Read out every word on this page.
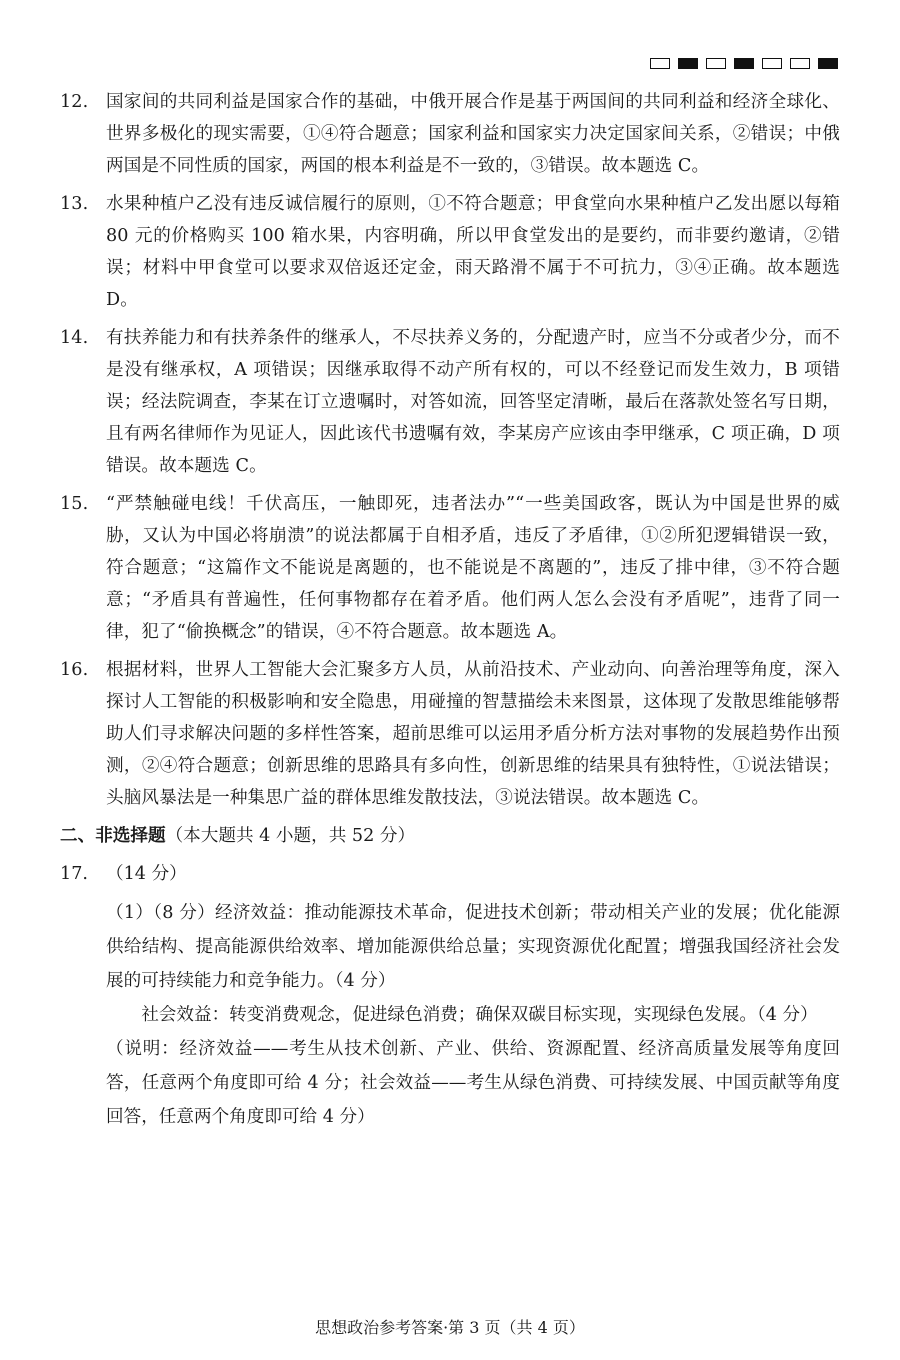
12. 国家间的共同利益是国家合作的基础，中俄开展合作是基于两国间的共同利益和经济全球化、世界多极化的现实需要，①④符合题意；国家利益和国家实力决定国家间关系，②错误；中俄两国是不同性质的国家，两国的根本利益是不一致的，③错误。故本题选 C。
13. 水果种植户乙没有违反诚信履行的原则，①不符合题意；甲食堂向水果种植户乙发出愿以每箱 80 元的价格购买 100 箱水果，内容明确，所以甲食堂发出的是要约，而非要约邀请，②错误；材料中甲食堂可以要求双倍返还定金，雨天路滑不属于不可抗力，③④正确。故本题选 D。
14. 有扶养能力和有扶养条件的继承人，不尽扶养义务的，分配遗产时，应当不分或者少分，而不是没有继承权，A 项错误；因继承取得不动产所有权的，可以不经登记而发生效力，B 项错误；经法院调查，李某在订立遗嘱时，对答如流，回答坚定清晰，最后在落款处签名写日期，且有两名律师作为见证人，因此该代书遗嘱有效，李某房产应该由李甲继承，C 项正确，D 项错误。故本题选 C。
15. “严禁触碰电线！千伏高压，一触即死，违者法办”“一些美国政客，既认为中国是世界的威胁，又认为中国必将崩溃”的说法都属于自相矛盾，违反了矛盾律，①②所犯逻辑错误一致，符合题意；“这篇作文不能说是离题的，也不能说是不离题的”，违反了排中律，③不符合题意；“矛盾具有普遍性，任何事物都存在着矛盾。他们两人怎么会没有矛盾呢”，违背了同一律，犯了“偷换概念”的错误，④不符合题意。故本题选 A。
16. 根据材料，世界人工智能大会汇聚多方人员，从前沿技术、产业动向、向善治理等角度，深入探讨人工智能的积极影响和安全隐患，用碰撞的智慧描绘未来图景，这体现了发散思维能够帮助人们寻求解决问题的多样性答案，超前思维可以运用矛盾分析方法对事物的发展趋势作出预测，②④符合题意；创新思维的思路具有多向性，创新思维的结果具有独特性，①说法错误；头脑风暴法是一种集思广益的群体思维发散技法，③说法错误。故本题选 C。
二、非选择题（本大题共 4 小题，共 52 分）
17. （14 分）
（1）（8 分）经济效益：推动能源技术革命，促进技术创新；带动相关产业的发展；优化能源供给结构、提高能源供给效率、增加能源供给总量；实现资源优化配置；增强我国经济社会发展的可持续能力和竞争能力。（4 分）
社会效益：转变消费观念，促进绿色消费；确保双碳目标实现，实现绿色发展。（4 分）
（说明：经济效益——考生从技术创新、产业、供给、资源配置、经济高质量发展等角度回答，任意两个角度即可给 4 分；社会效益——考生从绿色消费、可持续发展、中国贡献等角度回答，任意两个角度即可给 4 分）
思想政治参考答案·第 3 页（共 4 页）
